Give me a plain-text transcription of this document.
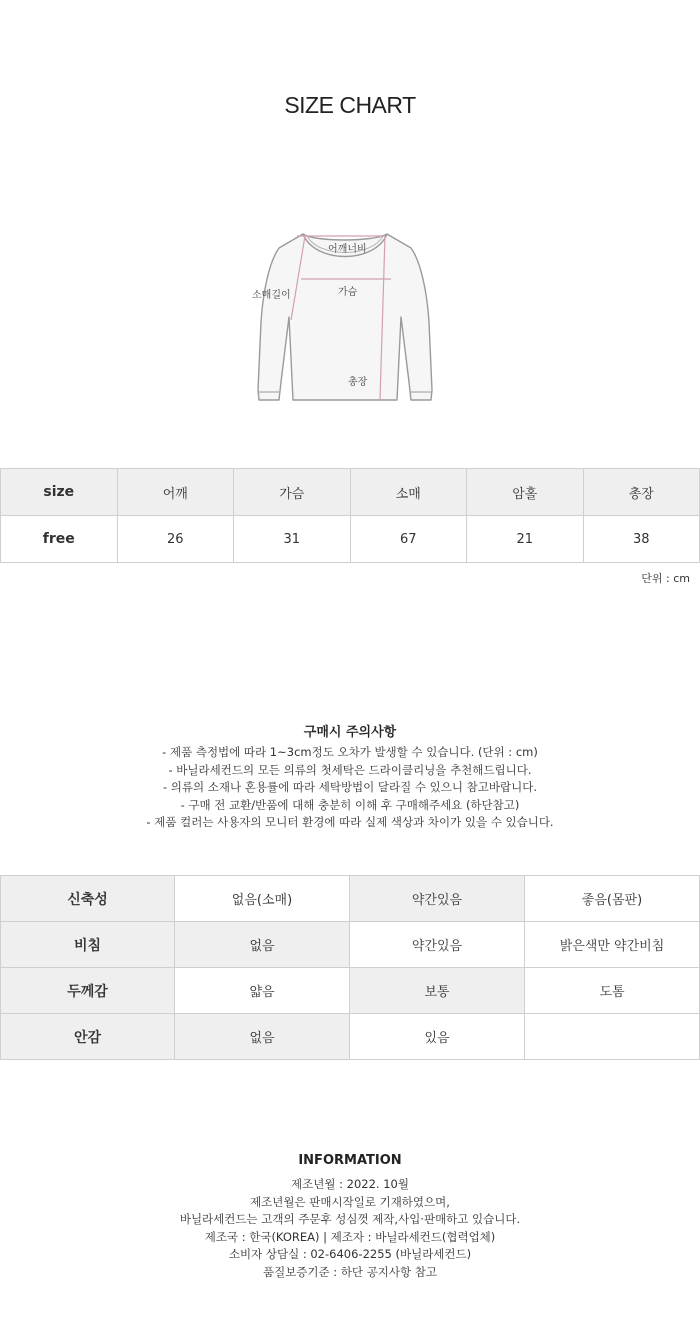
SIZE CHART
어깨너비
소매길이	가슴
총장
size	어깨	가슴	소매	암홀	총장
free	26	31	67	21	38
단위 : cm
구매시 주의사항
- 제품 측정법에 따라 1~3cm정도 오차가 발생할 수 있습니다. (단위 : cm)
- 바닐라세컨드의 모든 의류의 첫세탁은 드라이클리닝을 추천해드립니다.
- 의류의 소재나 혼용률에 따라 세탁방법이 달라질 수 있으니 참고바랍니다.
- 구매 전 교환/반품에 대해 충분히 이해 후 구매해주세요 (하단참고)
- 제품 컬러는 사용자의 모니터 환경에 따라 실제 색상과 차이가 있을 수 있습니다.
신축성	없음(소매)	약간있음	좋음(몸판)
비침	없음	약간있음	밝은색만 약간비침
두께감	얇음	보통	도톰
안감	없음	있음	
INFORMATION
제조년월 : 2022. 10월
제조년월은 판매시작일로 기재하였으며,
바닐라세컨드는 고객의 주문후 성심껏 제작,사입·판매하고 있습니다.
제조국 : 한국(KOREA) | 제조자 : 바닐라세컨드(협력업체)
소비자 상담실 : 02-6406-2255 (바닐라세컨드)
품질보증기준 : 하단 공지사항 참고
